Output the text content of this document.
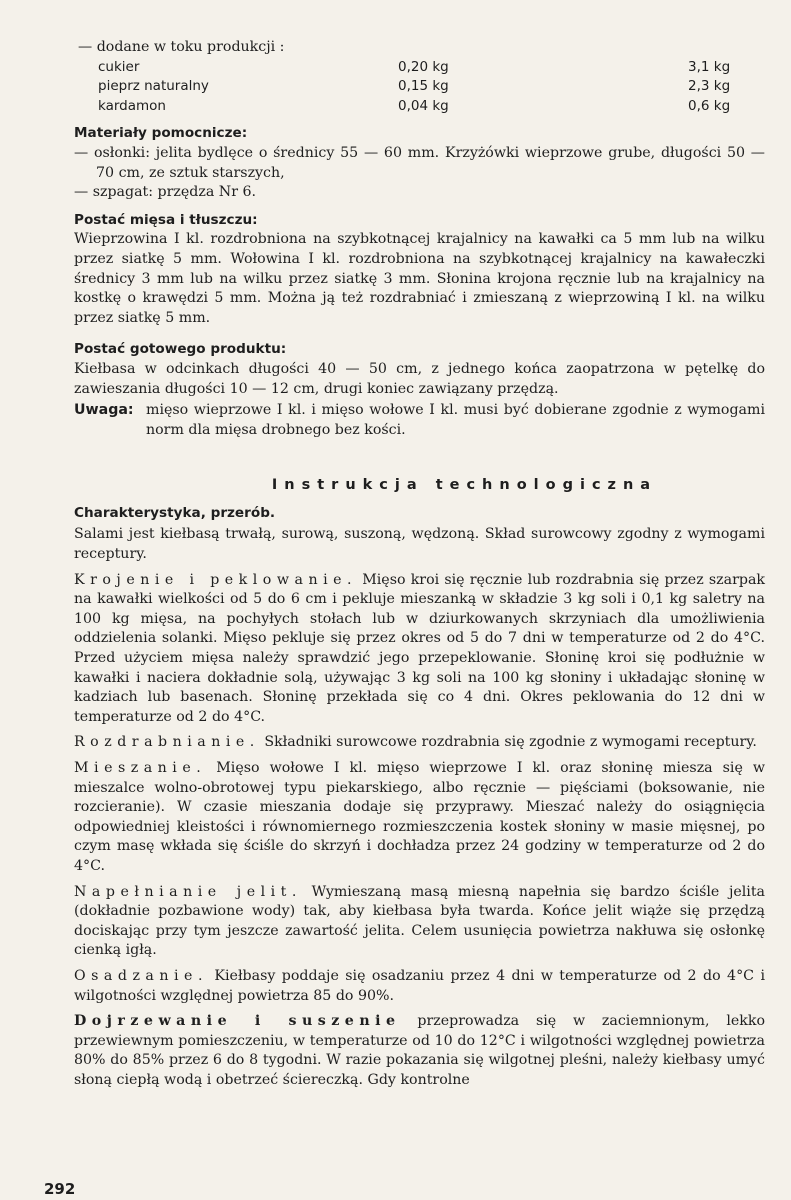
— dodane w toku produkcji :

cukier	0,20 kg	3,1 kg
pieprz naturalny	0,15 kg	2,3 kg
kardamon	0,04 kg	0,6 kg
Materiały pomocnicze:

— osłonki: jelita bydlęce o średnicy 55 — 60 mm. Krzyżówki wieprzowe grube, długości 50 — 70 cm, ze sztuk starszych,

— szpagat: przędza Nr 6.

Postać mięsa i tłuszczu:

Wieprzowina I kl. rozdrobniona na szybkotnącej krajalnicy na kawałki ca 5 mm lub na wilku przez siatkę 5 mm. Wołowina I kl. rozdrobniona na szybkotnącej krajalnicy na kawałeczki średnicy 3 mm lub na wilku przez siatkę 3 mm. Słonina krojona ręcznie lub na krajalnicy na kostkę o krawędzi 5 mm. Można ją też rozdrabniać i zmieszaną z wieprzowiną I kl. na wilku przez siatkę 5 mm.

Postać gotowego produktu:

Kiełbasa w odcinkach długości 40 — 50 cm, z jednego końca zaopatrzona w pętelkę do zawieszania długości 10 — 12 cm, drugi koniec zawiązany przędzą.

Uwaga: mięso wieprzowe I kl. i mięso wołowe I kl. musi być dobierane zgodnie z wymogami norm dla mięsa drobnego bez kości.
Instrukcja technologiczna
Charakterystyka, przerób.

Salami jest kiełbasą trwałą, surową, suszoną, wędzoną. Skład surowcowy zgodny z wymogami receptury.

Krojenie i peklowanie. Mięso kroi się ręcznie lub rozdrabnia się przez szarpak na kawałki wielkości od 5 do 6 cm i pekluje mieszanką w składzie 3 kg soli i 0,1 kg saletry na 100 kg mięsa, na pochyłych stołach lub w dziurkowanych skrzyniach dla umożliwienia oddzielenia solanki. Mięso pekluje się przez okres od 5 do 7 dni w temperaturze od 2 do 4°C. Przed użyciem mięsa należy sprawdzić jego przepeklowanie. Słoninę kroi się podłużnie w kawałki i naciera dokładnie solą, używając 3 kg soli na 100 kg słoniny i układając słoninę w kadziach lub basenach. Słoninę przekłada się co 4 dni. Okres peklowania do 12 dni w temperaturze od 2 do 4°C.

Rozdrabnianie. Składniki surowcowe rozdrabnia się zgodnie z wymogami receptury.

Mieszanie. Mięso wołowe I kl. mięso wieprzowe I kl. oraz słoninę miesza się w mieszalce wolno-obrotowej typu piekarskiego, albo ręcznie — pięściami (boksowanie, nie rozcieranie). W czasie mieszania dodaje się przyprawy. Mieszać należy do osiągnięcia odpowiedniej kleistości i równomiernego rozmieszczenia kostek słoniny w masie mięsnej, po czym masę wkłada się ściśle do skrzyń i dochładza przez 24 godziny w temperaturze od 2 do 4°C.

Napełnianie jelit. Wymieszaną masą miesną napełnia się bardzo ściśle jelita (dokładnie pozbawione wody) tak, aby kiełbasa była twarda. Końce jelit wiąże się przędzą dociskając przy tym jeszcze zawartość jelita. Celem usunięcia powietrza nakłuwa się osłonkę cienką igłą.

Osadzanie. Kiełbasy poddaje się osadzaniu przez 4 dni w temperaturze od 2 do 4°C i wilgotności względnej powietrza 85 do 90%.

Dojrzewanie i suszenie przeprowadza się w zaciemnionym, lekko przewiewnym pomieszczeniu, w temperaturze od 10 do 12°C i wilgotności względnej powietrza 80% do 85% przez 6 do 8 tygodni. W razie pokazania się wilgotnej pleśni, należy kiełbasy umyć słoną ciepłą wodą i obetrzeć ściereczką. Gdy kontrolne

292
